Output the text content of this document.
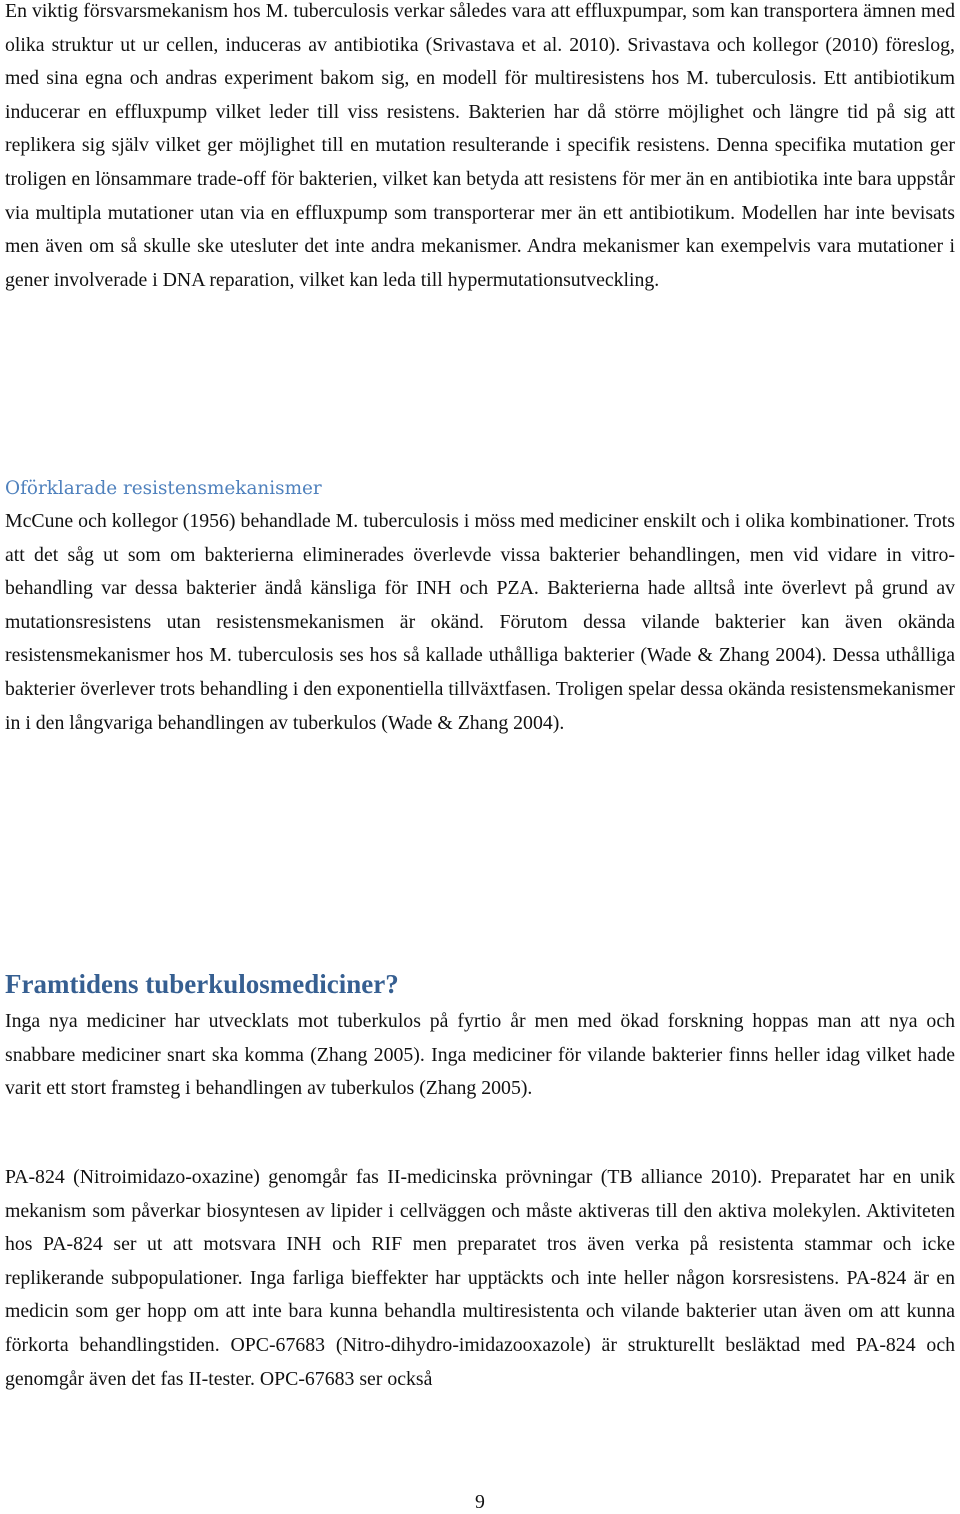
En viktig försvarsmekanism hos M. tuberculosis verkar således vara att effluxpumpar, som kan transportera ämnen med olika struktur ut ur cellen, induceras av antibiotika (Srivastava et al. 2010). Srivastava och kollegor (2010) föreslog, med sina egna och andras experiment bakom sig, en modell för multiresistens hos M. tuberculosis. Ett antibiotikum inducerar en effluxpump vilket leder till viss resistens. Bakterien har då större möjlighet och längre tid på sig att replikera sig själv vilket ger möjlighet till en mutation resulterande i specifik resistens. Denna specifika mutation ger troligen en lönsammare trade-off för bakterien, vilket kan betyda att resistens för mer än en antibiotika inte bara uppstår via multipla mutationer utan via en effluxpump som transporterar mer än ett antibiotikum. Modellen har inte bevisats men även om så skulle ske utesluter det inte andra mekanismer. Andra mekanismer kan exempelvis vara mutationer i gener involverade i DNA reparation, vilket kan leda till hypermutationsutveckling.

Oförklarade resistensmekanismer

McCune och kollegor (1956) behandlade M. tuberculosis i möss med mediciner enskilt och i olika kombinationer. Trots att det såg ut som om bakterierna eliminerades överlevde vissa bakterier behandlingen, men vid vidare in vitro-behandling var dessa bakterier ändå känsliga för INH och PZA. Bakterierna hade alltså inte överlevt på grund av mutationsresistens utan resistensmekanismen är okänd. Förutom dessa vilande bakterier kan även okända resistensmekanismer hos M. tuberculosis ses hos så kallade uthålliga bakterier (Wade & Zhang 2004). Dessa uthålliga bakterier överlever trots behandling i den exponentiella tillväxtfasen. Troligen spelar dessa okända resistensmekanismer in i den långvariga behandlingen av tuberkulos (Wade & Zhang 2004).

Framtidens tuberkulosmediciner?

Inga nya mediciner har utvecklats mot tuberkulos på fyrtio år men med ökad forskning hoppas man att nya och snabbare mediciner snart ska komma (Zhang 2005). Inga mediciner för vilande bakterier finns heller idag vilket hade varit ett stort framsteg i behandlingen av tuberkulos (Zhang 2005).

PA-824 (Nitroimidazo-oxazine) genomgår fas II-medicinska prövningar (TB alliance 2010). Preparatet har en unik mekanism som påverkar biosyntesen av lipider i cellväggen och måste aktiveras till den aktiva molekylen. Aktiviteten hos PA-824 ser ut att motsvara INH och RIF men preparatet tros även verka på resistenta stammar och icke replikerande subpopulationer. Inga farliga bieffekter har upptäckts och inte heller någon korsresistens. PA-824 är en medicin som ger hopp om att inte bara kunna behandla multiresistenta och vilande bakterier utan även om att kunna förkorta behandlingstiden. OPC-67683 (Nitro-dihydro-imidazooxazole) är strukturellt besläktad med PA-824 och genomgår även det fas II-tester. OPC-67683 ser också

9
